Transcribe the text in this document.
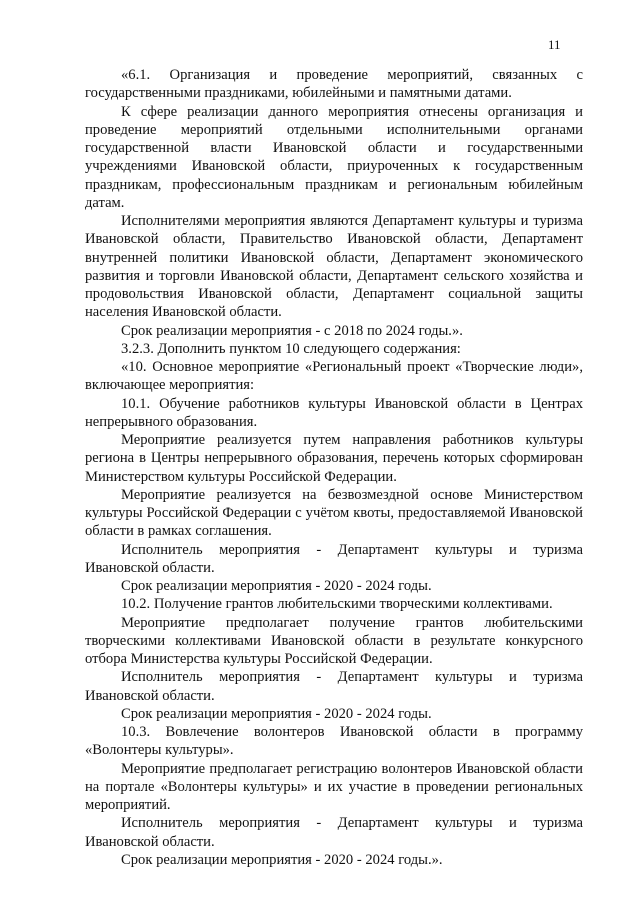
11

«6.1. Организация и проведение мероприятий, связанных с государственными праздниками, юбилейными и памятными датами.

К сфере реализации данного мероприятия отнесены организация и проведение мероприятий отдельными исполнительными органами государственной власти Ивановской области и государственными учреждениями Ивановской области, приуроченных к государственным праздникам, профессиональным праздникам и региональным юбилейным датам.

Исполнителями мероприятия являются Департамент культуры и туризма Ивановской области, Правительство Ивановской области, Департамент внутренней политики Ивановской области, Департамент экономического развития и торговли Ивановской области, Департамент сельского хозяйства и продовольствия Ивановской области, Департамент социальной защиты населения Ивановской области.

Срок реализации мероприятия - с 2018 по 2024 годы.».

3.2.3. Дополнить пунктом 10 следующего содержания:

«10. Основное мероприятие «Региональный проект «Творческие люди», включающее мероприятия:

10.1. Обучение работников культуры Ивановской области в Центрах непрерывного образования.

Мероприятие реализуется путем направления работников культуры региона в Центры непрерывного образования, перечень которых сформирован Министерством культуры Российской Федерации.

Мероприятие реализуется на безвозмездной основе Министерством культуры Российской Федерации с учётом квоты, предоставляемой Ивановской области в рамках соглашения.

Исполнитель мероприятия - Департамент культуры и туризма Ивановской области.

Срок реализации мероприятия - 2020 - 2024 годы.

10.2. Получение грантов любительскими творческими коллективами.

Мероприятие предполагает получение грантов любительскими творческими коллективами Ивановской области в результате конкурсного отбора Министерства культуры Российской Федерации.

Исполнитель мероприятия - Департамент культуры и туризма Ивановской области.

Срок реализации мероприятия - 2020 - 2024 годы.

10.3. Вовлечение волонтеров Ивановской области в программу «Волонтеры культуры».

Мероприятие предполагает регистрацию волонтеров Ивановской области на портале «Волонтеры культуры» и их участие в проведении региональных мероприятий.

Исполнитель мероприятия - Департамент культуры и туризма Ивановской области.

Срок реализации мероприятия - 2020 - 2024 годы.».
